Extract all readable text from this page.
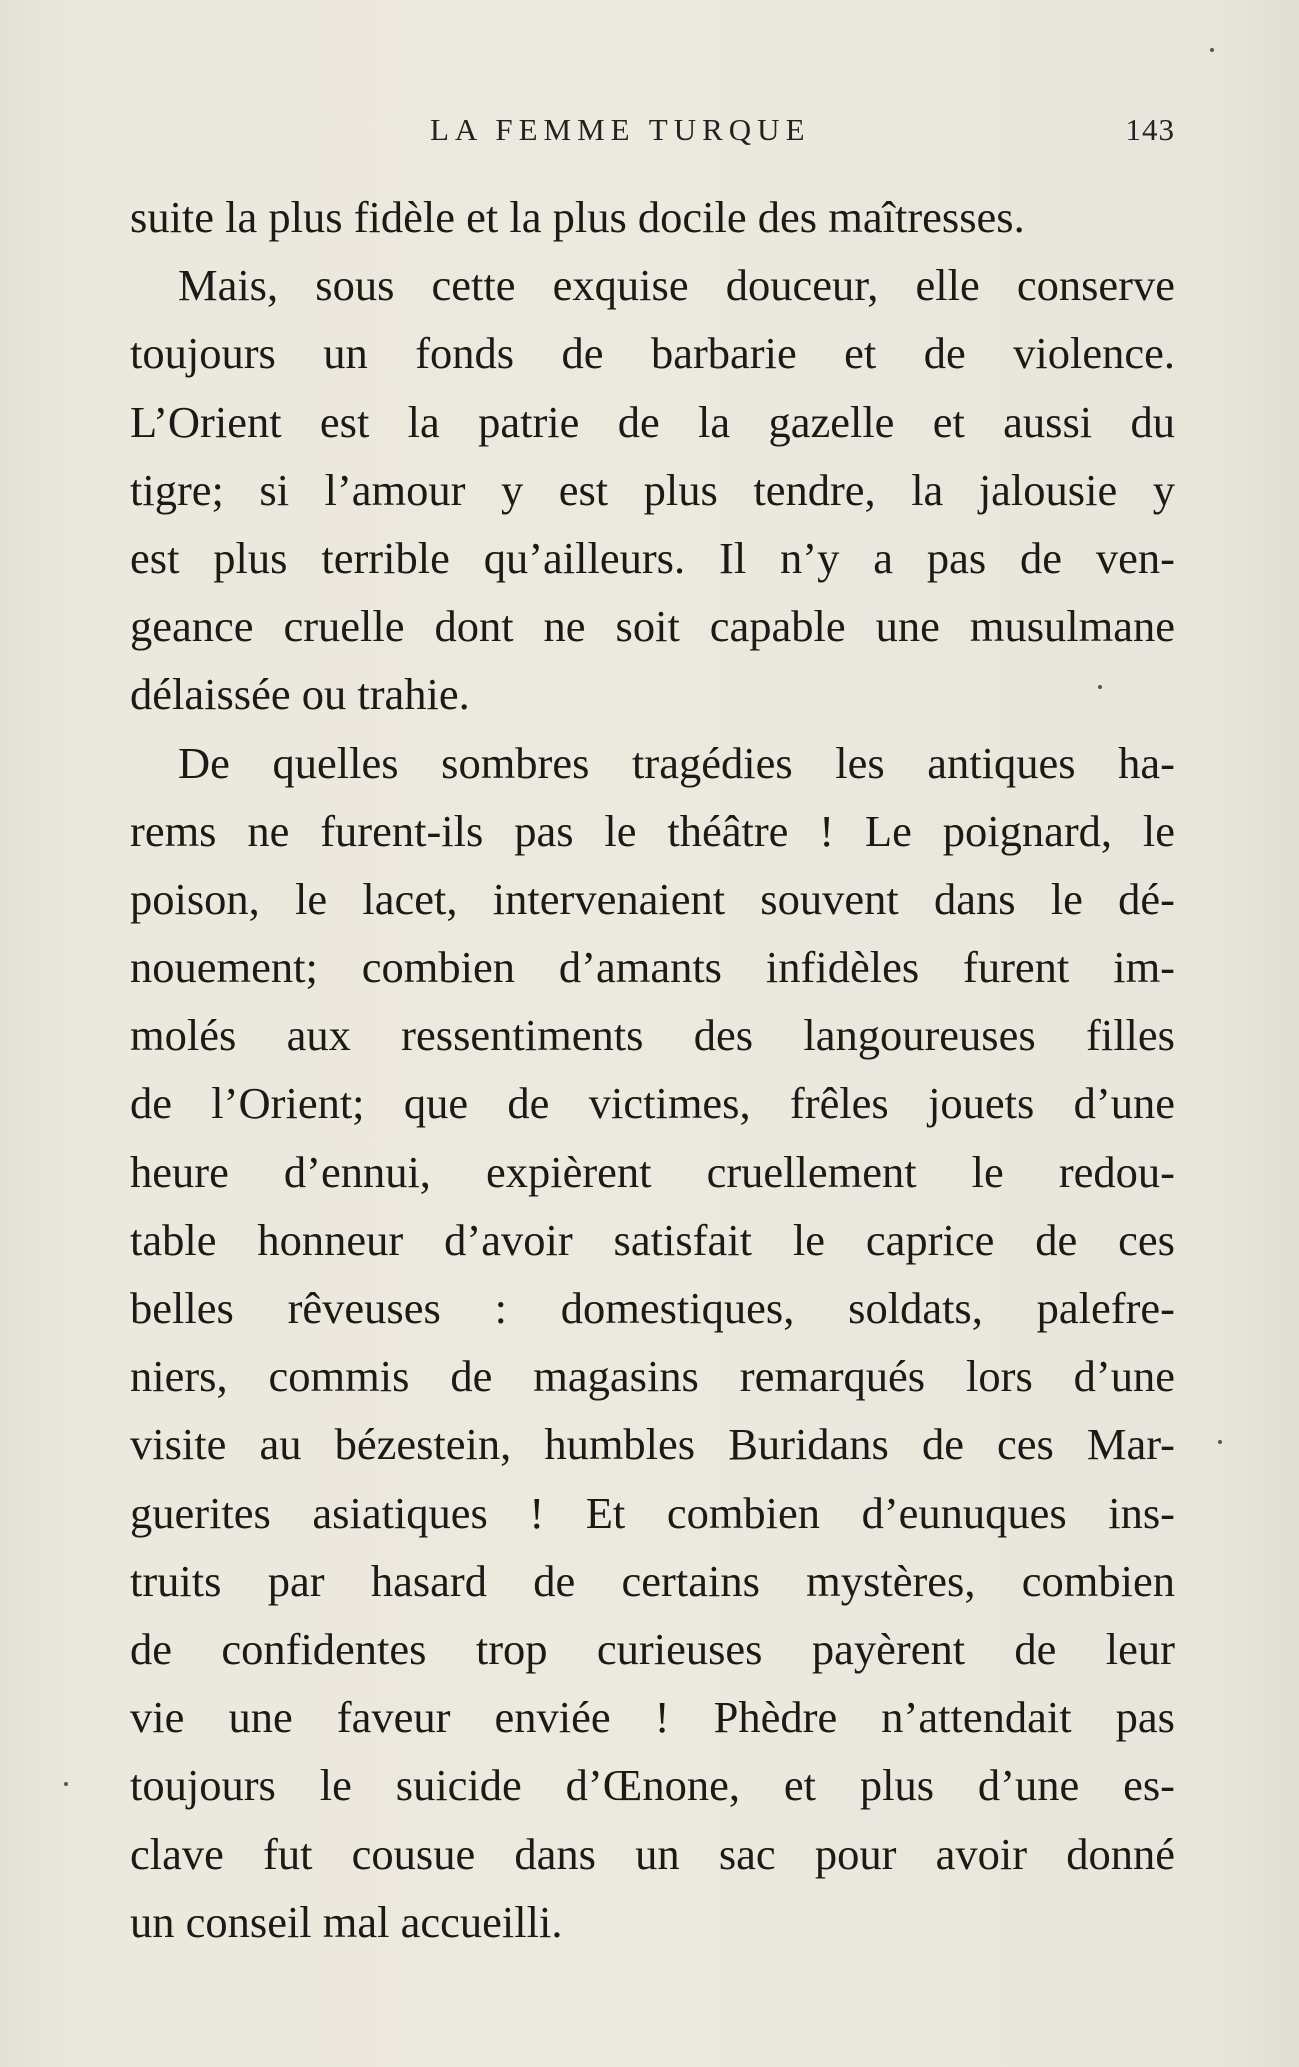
LA FEMME TURQUE	143
suite la plus fidèle et la plus docile des maîtresses.
Mais, sous cette exquise douceur, elle conserve
toujours un fonds de barbarie et de violence.
L’Orient est la patrie de la gazelle et aussi du
tigre; si l’amour y est plus tendre, la jalousie y
est plus terrible qu’ailleurs. Il n’y a pas de ven-
geance cruelle dont ne soit capable une musulmane
délaissée ou trahie.
De quelles sombres tragédies les antiques ha-
rems ne furent-ils pas le théâtre ! Le poignard, le
poison, le lacet, intervenaient souvent dans le dé-
nouement; combien d’amants infidèles furent im-
molés aux ressentiments des langoureuses filles
de l’Orient; que de victimes, frêles jouets d’une
heure d’ennui, expièrent cruellement le redou-
table honneur d’avoir satisfait le caprice de ces
belles rêveuses : domestiques, soldats, palefre-
niers, commis de magasins remarqués lors d’une
visite au bézestein, humbles Buridans de ces Mar-
guerites asiatiques ! Et combien d’eunuques ins-
truits par hasard de certains mystères, combien
de confidentes trop curieuses payèrent de leur
vie une faveur enviée ! Phèdre n’attendait pas
toujours le suicide d’Œnone, et plus d’une es-
clave fut cousue dans un sac pour avoir donné
un conseil mal accueilli.
